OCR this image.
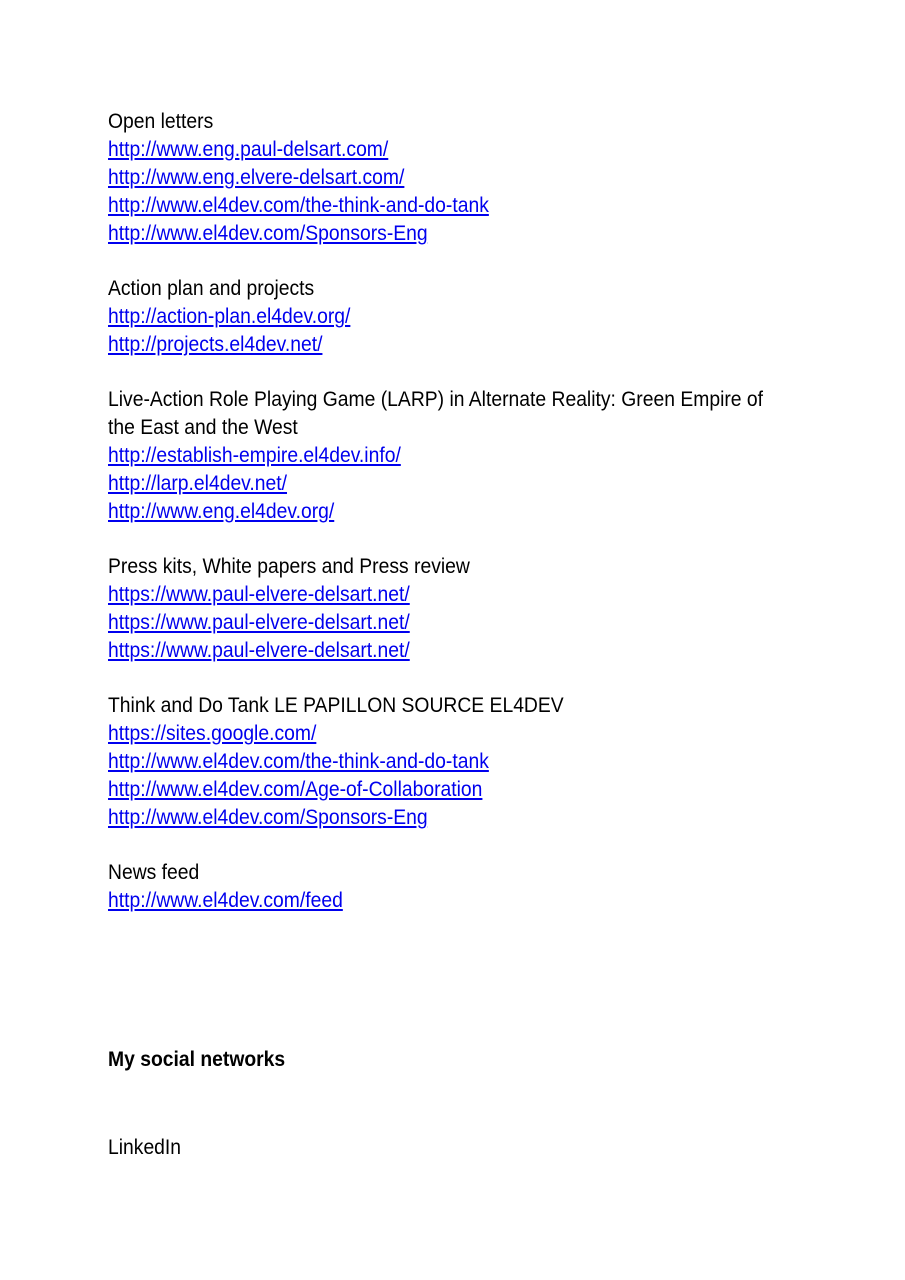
Open letters
http://www.eng.paul-delsart.com/
http://www.eng.elvere-delsart.com/
http://www.el4dev.com/the-think-and-do-tank
http://www.el4dev.com/Sponsors-Eng
Action plan and projects
http://action-plan.el4dev.org/
http://projects.el4dev.net/
Live-Action Role Playing Game (LARP) in Alternate Reality: Green Empire of
the East and the West
http://establish-empire.el4dev.info/
http://larp.el4dev.net/
http://www.eng.el4dev.org/
Press kits, White papers and Press review
https://www.paul-elvere-delsart.net/
https://www.paul-elvere-delsart.net/
https://www.paul-elvere-delsart.net/
Think and Do Tank LE PAPILLON SOURCE EL4DEV
https://sites.google.com/
http://www.el4dev.com/the-think-and-do-tank
http://www.el4dev.com/Age-of-Collaboration
http://www.el4dev.com/Sponsors-Eng
News feed
http://www.el4dev.com/feed
My social networks
LinkedIn
